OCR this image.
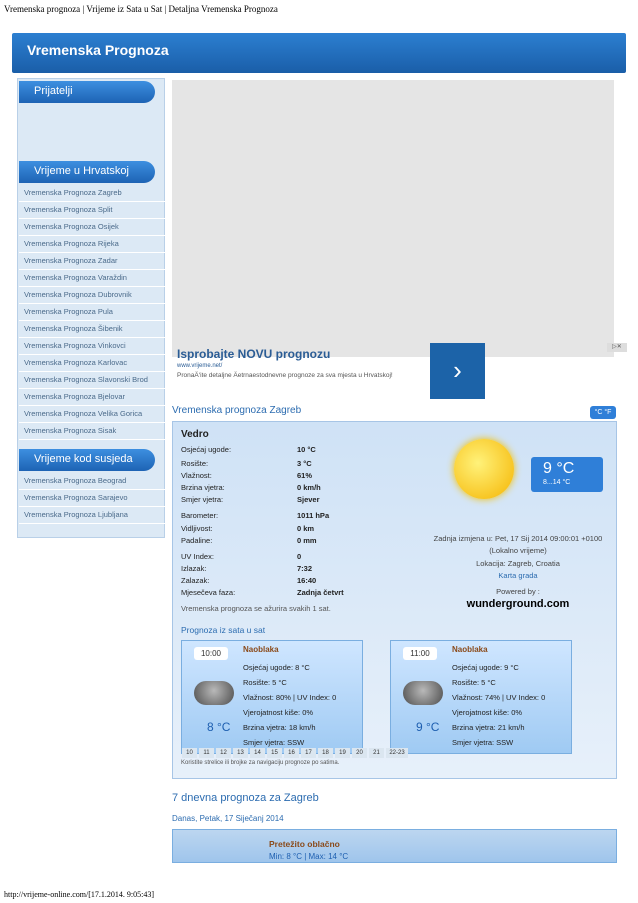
Vremenska prognoza | Vrijeme iz Sata u Sat | Detaljna Vremenska Prognoza
Vremenska Prognoza
Prijatelji
Vrijeme u Hrvatskoj
Vremenska Prognoza Zagreb
Vremenska Prognoza Split
Vremenska Prognoza Osijek
Vremenska Prognoza Rijeka
Vremenska Prognoza Zadar
Vremenska Prognoza Varaždin
Vremenska Prognoza Dubrovnik
Vremenska Prognoza Pula
Vremenska Prognoza Šibenik
Vremenska Prognoza Vinkovci
Vremenska Prognoza Karlovac
Vremenska Prognoza Slavonski Brod
Vremenska Prognoza Bjelovar
Vremenska Prognoza Velika Gorica
Vremenska Prognoza Sisak
Vrijeme kod susjeda
Vremenska Prognoza Beograd
Vremenska Prognoza Sarajevo
Vremenska Prognoza Ljubljana
Isprobajte NOVU prognozu
www.vrijeme.net/
PronaÄ‘ite detaljne Äetrnaestodnevne prognoze za sva mjesta u Hrvatskoj!	›
▷✕
Vremenska prognoza Zagreb	°C °F
Vedro
Osjećaj ugode:	10 °C
Rosište:	3 °C
Vlažnost:	61%
Brzina vjetra:	0 km/h
Smjer vjetra:	Sjever
Barometer:	1011 hPa
Vidljivost:	0 km
Padaline:	0 mm
UV Index:	0
Izlazak:	7:32
Zalazak:	16:40
Mjesečeva faza:	Zadnja četvrt
9 °C
8...14 °C
Zadnja izmjena u: Pet, 17 Sij 2014 09:00:01 +0100
(Lokalno vrijeme)
Lokacija: Zagreb, Croatia
Karta grada
Powered by :
wunderground.com
Vremenska prognoza se ažurira svakih 1 sat.
Prognoza iz sata u sat
10:00
8 °C
Naoblaka
Osjećaj ugode: 8 °C
Rosište: 5 °C
Vlažnost: 80% | UV Index: 0
Vjerojatnost kiše: 0%
Brzina vjetra: 18 km/h
Smjer vjetra: SSW
11:00
9 °C
Naoblaka
Osjećaj ugode: 9 °C
Rosište: 5 °C
Vlažnost: 74% | UV Index: 0
Vjerojatnost kiše: 0%
Brzina vjetra: 21 km/h
Smjer vjetra: SSW
10 11 12 13 14 15 16 17 18 19 20 21 22-23
Koristite strelice ili brojke za navigaciju prognoze po satima.
7 dnevna prognoza za Zagreb
Danas, Petak, 17 Siječanj 2014
Pretežito oblačno
Min: 8 °C | Max: 14 °C
http://vrijeme-online.com/[17.1.2014. 9:05:43]
